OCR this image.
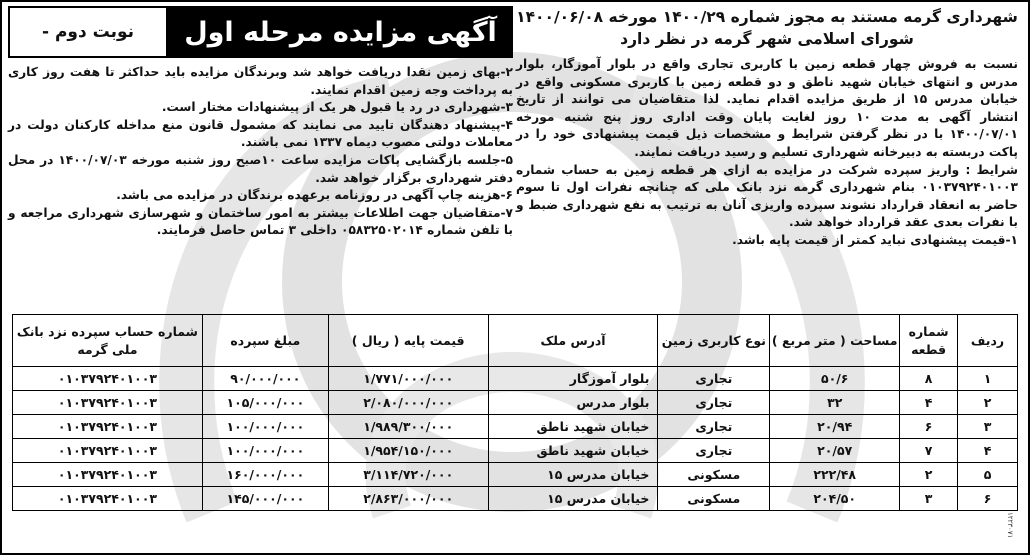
شهرداری گرمه مستند به مجوز شماره ۱۴۰۰/۲۹ مورخه ۱۴۰۰/۰۶/۰۸
شورای اسلامی شهر گرمه در نظر دارد

نسبت به فروش چهار قطعه زمین با کاربری تجاری واقع در بلوار آموزگار، بلوار مدرس و انتهای خیابان شهید ناطق و دو قطعه زمین با کاربری مسکونی واقع در خیابان مدرس ۱۵ از طریق مزایده اقدام نماید. لذا متقاضیان می توانند از تاریخ انتشار آگهی به مدت ۱۰ روز لغایت پایان وقت اداری روز پنج شنبه مورخه ۱۴۰۰/۰۷/۰۱ با در نظر گرفتن شرایط و مشخصات ذیل قیمت پیشنهادی خود را در پاکت دربسته به دبیرخانه شهرداری تسلیم و رسید دریافت نمایند.

شرایط : واریز سپرده شرکت در مزایده به ازای هر قطعه زمین به حساب شماره ۰۱۰۳۷۹۲۴۰۱۰۰۳ بنام شهرداری گرمه نزد بانک ملی که چنانچه نفرات اول تا سوم حاضر به انعقاد قرارداد نشوند سپرده واریزی آنان به ترتیب به نفع شهرداری ضبط و با نفرات بعدی عقد قرارداد خواهد شد.

۱-قیمت پیشنهادی نباید کمتر از قیمت پایه باشد.

- نوبت دوم	آگهی مزایده مرحله اول

۲-بهای زمین نقدا دریافت خواهد شد وبرندگان مزایده باید حداکثر تا هفت روز کاری به پرداخت وجه زمین اقدام نمایند.

۳-شهرداری در رد یا قبول هر یک از پیشنهادات مختار است.

۴-پیشنهاد دهندگان تایید می نمایند که مشمول قانون منع مداخله کارکنان دولت در معاملات دولتی مصوب دیماه ۱۳۳۷ نمی باشند.

۵-جلسه بازگشایی پاکات مزایده ساعت ۱۰صبح روز شنبه مورخه ۱۴۰۰/۰۷/۰۳ در محل دفتر شهرداری برگزار خواهد شد.

۶-هزینه چاپ آگهی در روزنامه برعهده برندگان در مزایده می باشد.

۷-متقاضیان جهت اطلاعات بیشتر به امور ساختمان و شهرسازی شهرداری مراجعه و با تلفن شماره ۰۵۸۳۲۵۰۲۰۱۴ داخلی ۳ تماس حاصل فرمایند.

ردیف	شماره قطعه	مساحت ( متر مربع )	نوع کاربری زمین	آدرس ملک	قیمت پایه ( ریال )	مبلغ سپرده	شماره حساب سپرده نزد بانک ملی گرمه
۱	۸	۵۰/۶	تجاری	بلوار آموزگار	۱/۷۷۱/۰۰۰/۰۰۰	۹۰/۰۰۰/۰۰۰	۰۱۰۳۷۹۲۴۰۱۰۰۳
۲	۴	۳۲	تجاری	بلوار مدرس	۲/۰۸۰/۰۰۰/۰۰۰	۱۰۵/۰۰۰/۰۰۰	۰۱۰۳۷۹۲۴۰۱۰۰۳
۳	۶	۲۰/۹۴	تجاری	خیابان شهید ناطق	۱/۹۸۹/۳۰۰/۰۰۰	۱۰۰/۰۰۰/۰۰۰	۰۱۰۳۷۹۲۴۰۱۰۰۳
۴	۷	۲۰/۵۷	تجاری	خیابان شهید ناطق	۱/۹۵۴/۱۵۰/۰۰۰	۱۰۰/۰۰۰/۰۰۰	۰۱۰۳۷۹۲۴۰۱۰۰۳
۵	۲	۲۲۲/۴۸	مسکونی	خیابان مدرس ۱۵	۳/۱۱۴/۷۲۰/۰۰۰	۱۶۰/۰۰۰/۰۰۰	۰۱۰۳۷۹۲۴۰۱۰۰۳
۶	۳	۲۰۴/۵۰	مسکونی	خیابان مدرس ۱۵	۲/۸۶۳/۰۰۰/۰۰۰	۱۴۵/۰۰۰/۰۰۰	۰۱۰۳۷۹۲۴۰۱۰۰۳
۱۲۲۳۰۷۱
